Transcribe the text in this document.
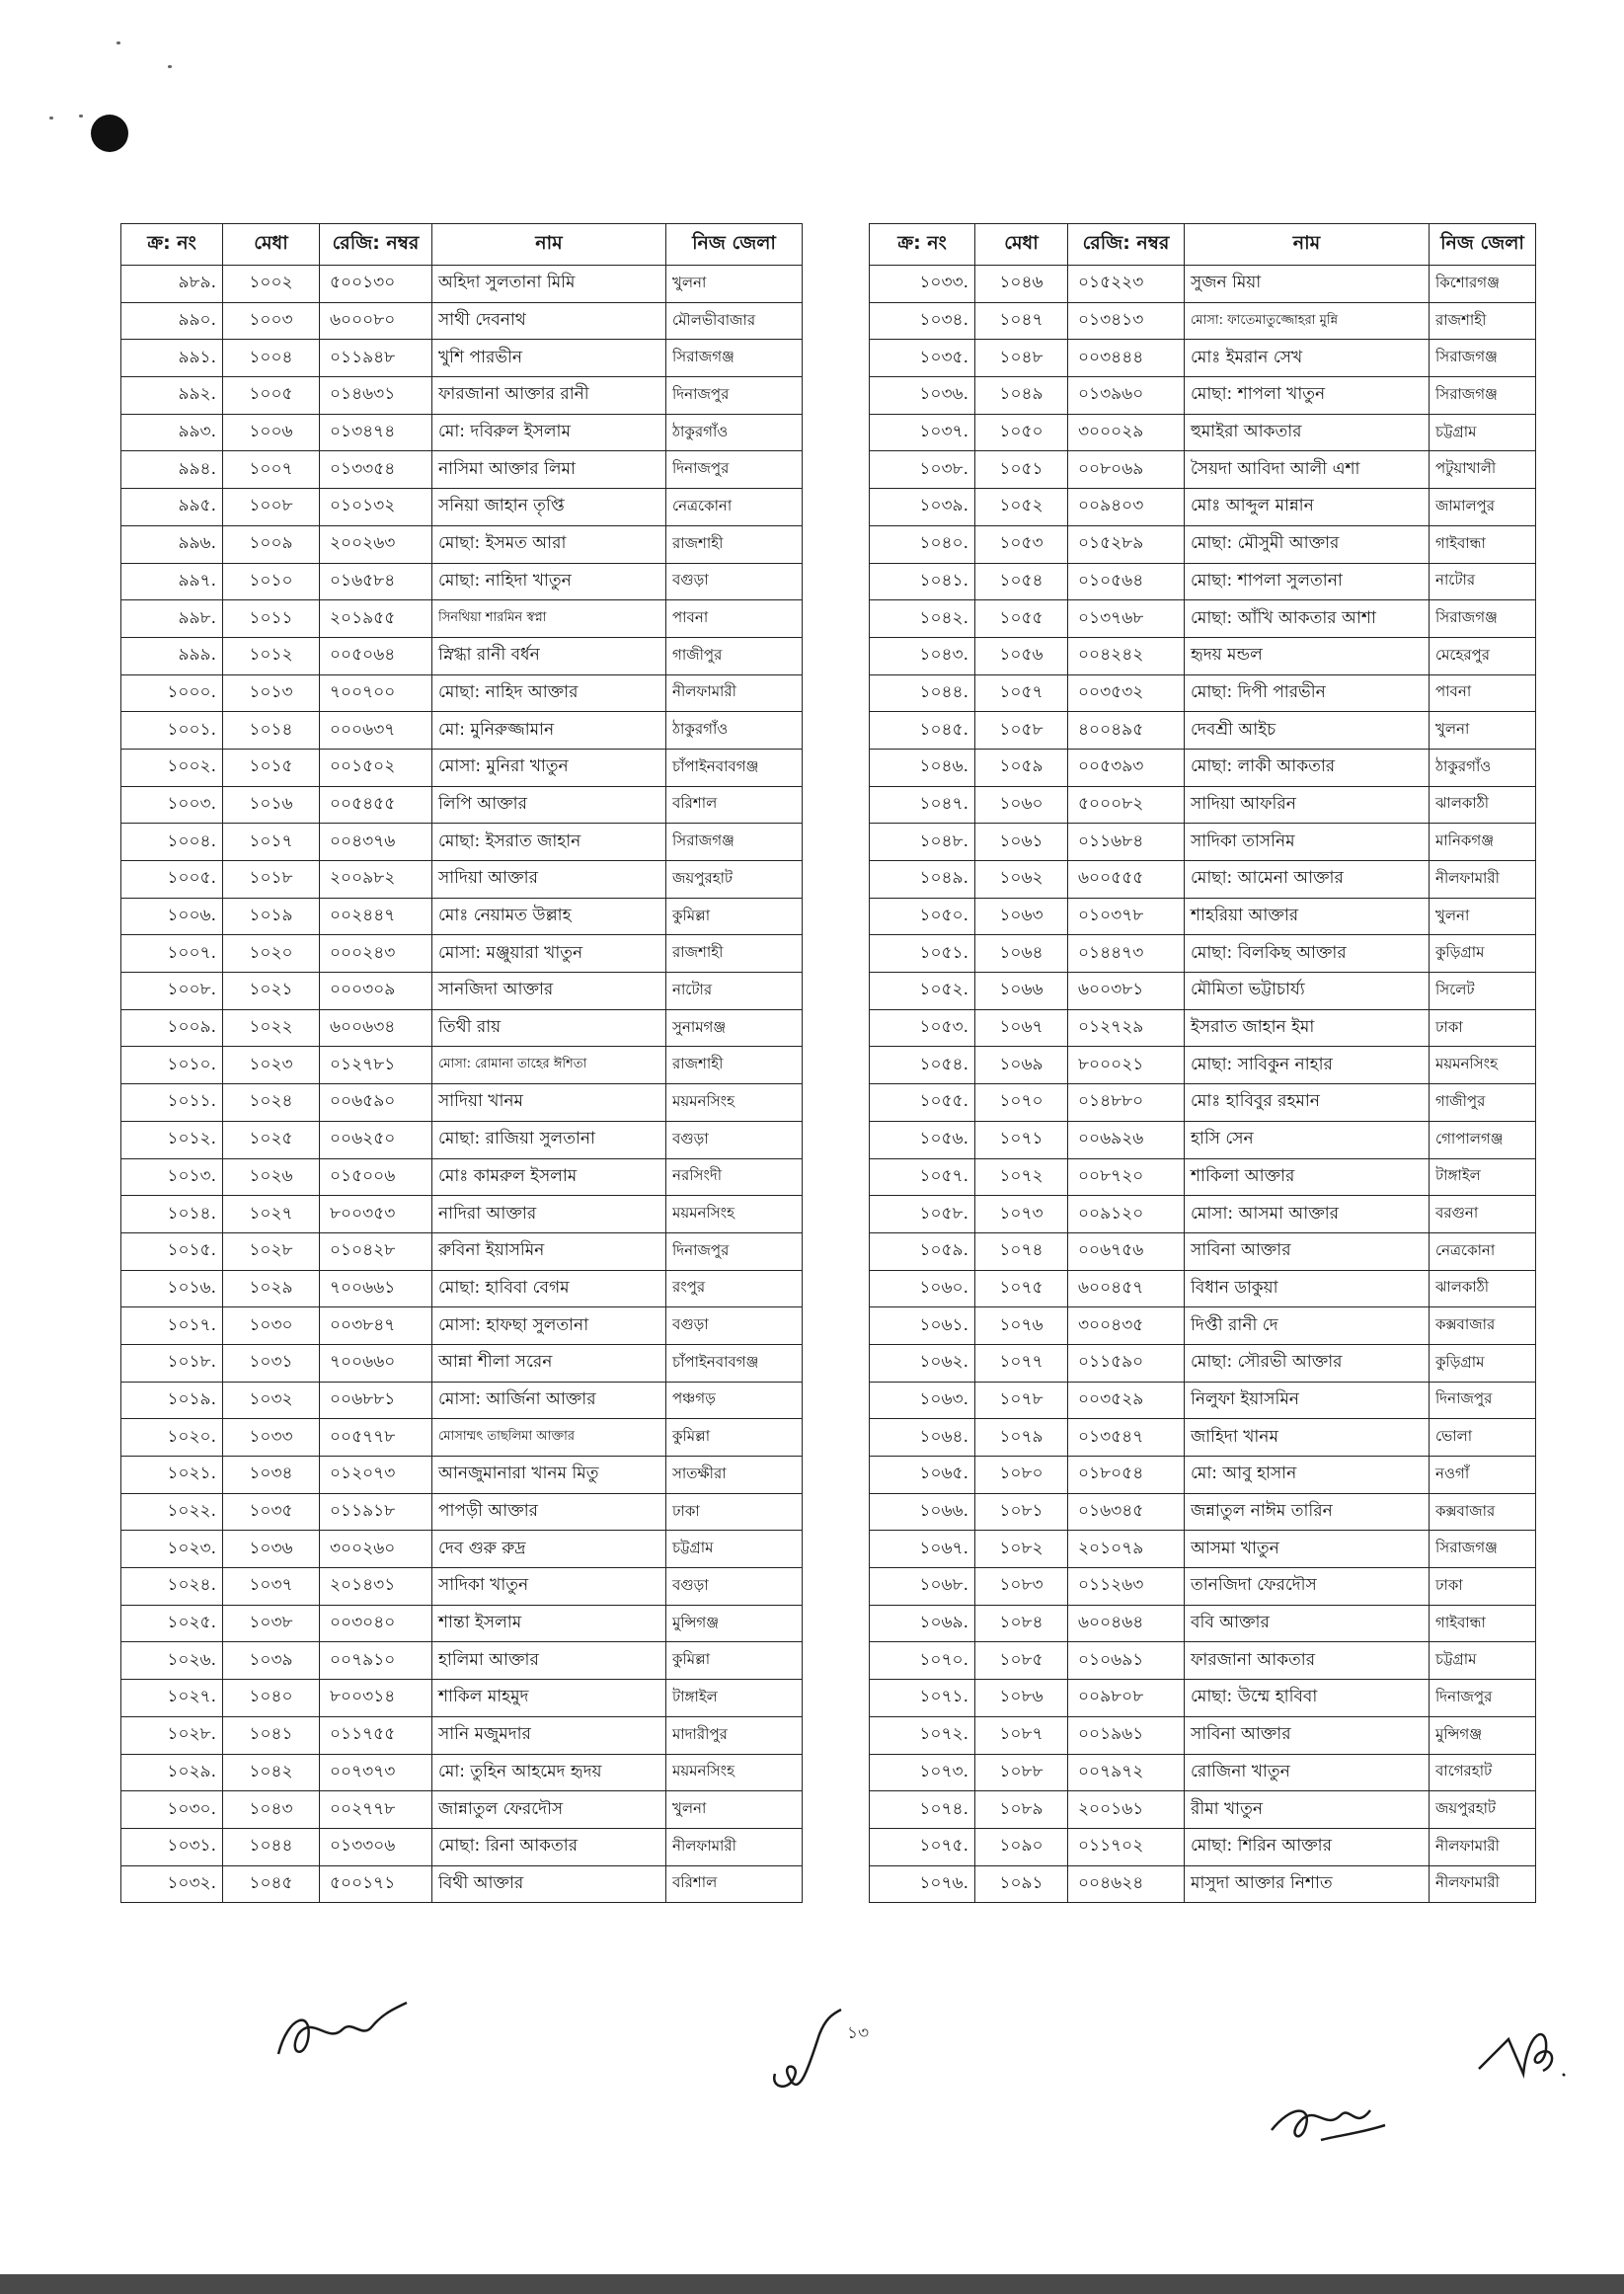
ক্র: নং	মেধা	রেজি: নম্বর	নাম	নিজ জেলা
৯৮৯.	১০০২	৫০০১৩০	অহিদা সুলতানা মিমি	খুলনা
৯৯০.	১০০৩	৬০০০৮০	সাথী দেবনাথ	মৌলভীবাজার
৯৯১.	১০০৪	০১১৯৪৮	খুশি পারভীন	সিরাজগঞ্জ
৯৯২.	১০০৫	০১৪৬৩১	ফারজানা আক্তার রানী	দিনাজপুর
৯৯৩.	১০০৬	০১৩৪৭৪	মো: দবিরুল ইসলাম	ঠাকুরগাঁও
৯৯৪.	১০০৭	০১৩৩৫৪	নাসিমা আক্তার লিমা	দিনাজপুর
৯৯৫.	১০০৮	০১০১৩২	সনিয়া জাহান তৃপ্তি	নেত্রকোনা
৯৯৬.	১০০৯	২০০২৬৩	মোছা: ইসমত আরা	রাজশাহী
৯৯৭.	১০১০	০১৬৫৮৪	মোছা: নাহিদা খাতুন	বগুড়া
৯৯৮.	১০১১	২০১৯৫৫	সিনথিয়া শারমিন স্বপ্না	পাবনা
৯৯৯.	১০১২	০০৫০৬৪	স্নিগ্ধা রানী বর্ধন	গাজীপুর
১০০০.	১০১৩	৭০০৭০০	মোছা: নাহিদ আক্তার	নীলফামারী
১০০১.	১০১৪	০০০৬৩৭	মো: মুনিরুজ্জামান	ঠাকুরগাঁও
১০০২.	১০১৫	০০১৫০২	মোসা: মুনিরা খাতুন	চাঁপাইনবাবগঞ্জ
১০০৩.	১০১৬	০০৫৪৫৫	লিপি আক্তার	বরিশাল
১০০৪.	১০১৭	০০৪৩৭৬	মোছা: ইসরাত জাহান	সিরাজগঞ্জ
১০০৫.	১০১৮	২০০৯৮২	সাদিয়া আক্তার	জয়পুরহাট
১০০৬.	১০১৯	০০২৪৪৭	মোঃ নেয়ামত উল্লাহ	কুমিল্লা
১০০৭.	১০২০	০০০২৪৩	মোসা: মঞ্জুয়ারা খাতুন	রাজশাহী
১০০৮.	১০২১	০০০৩০৯	সানজিদা আক্তার	নাটোর
১০০৯.	১০২২	৬০০৬৩৪	তিথী রায়	সুনামগঞ্জ
১০১০.	১০২৩	০১২৭৮১	মোসা: রোমানা তাহের ঈশিতা	রাজশাহী
১০১১.	১০২৪	০০৬৫৯০	সাদিয়া খানম	ময়মনসিংহ
১০১২.	১০২৫	০০৬২৫০	মোছা: রাজিয়া সুলতানা	বগুড়া
১০১৩.	১০২৬	০১৫০০৬	মোঃ কামরুল ইসলাম	নরসিংদী
১০১৪.	১০২৭	৮০০৩৫৩	নাদিরা আক্তার	ময়মনসিংহ
১০১৫.	১০২৮	০১০৪২৮	রুবিনা ইয়াসমিন	দিনাজপুর
১০১৬.	১০২৯	৭০০৬৬১	মোছা: হাবিবা বেগম	রংপুর
১০১৭.	১০৩০	০০৩৮৪৭	মোসা: হাফছা সুলতানা	বগুড়া
১০১৮.	১০৩১	৭০০৬৬০	আন্না শীলা সরেন	চাঁপাইনবাবগঞ্জ
১০১৯.	১০৩২	০০৬৮৮১	মোসা: আর্জিনা আক্তার	পঞ্চগড়
১০২০.	১০৩৩	০০৫৭৭৮	মোসাম্মৎ তাছলিমা আক্তার	কুমিল্লা
১০২১.	১০৩৪	০১২০৭৩	আনজুমানারা খানম মিতু	সাতক্ষীরা
১০২২.	১০৩৫	০১১৯১৮	পাপড়ী আক্তার	ঢাকা
১০২৩.	১০৩৬	৩০০২৬০	দেব গুরু রুদ্র	চট্টগ্রাম
১০২৪.	১০৩৭	২০১৪৩১	সাদিকা খাতুন	বগুড়া
১০২৫.	১০৩৮	০০৩০৪০	শান্তা ইসলাম	মুন্সিগঞ্জ
১০২৬.	১০৩৯	০০৭৯১০	হালিমা আক্তার	কুমিল্লা
১০২৭.	১০৪০	৮০০৩১৪	শাকিল মাহমুদ	টাঙ্গাইল
১০২৮.	১০৪১	০১১৭৫৫	সানি মজুমদার	মাদারীপুর
১০২৯.	১০৪২	০০৭৩৭৩	মো: তুহিন আহমেদ হৃদয়	ময়মনসিংহ
১০৩০.	১০৪৩	০০২৭৭৮	জান্নাতুল ফেরদৌস	খুলনা
১০৩১.	১০৪৪	০১৩৩০৬	মোছা: রিনা আকতার	নীলফামারী
১০৩২.	১০৪৫	৫০০১৭১	বিথী আক্তার	বরিশাল
ক্র: নং	মেধা	রেজি: নম্বর	নাম	নিজ জেলা
১০৩৩.	১০৪৬	০১৫২২৩	সুজন মিয়া	কিশোরগঞ্জ
১০৩৪.	১০৪৭	০১৩৪১৩	মোসা: ফাতেমাতুজ্জোহরা মুন্নি	রাজশাহী
১০৩৫.	১০৪৮	০০৩৪৪৪	মোঃ ইমরান সেখ	সিরাজগঞ্জ
১০৩৬.	১০৪৯	০১৩৯৬০	মোছা: শাপলা খাতুন	সিরাজগঞ্জ
১০৩৭.	১০৫০	৩০০০২৯	হুমাইরা আকতার	চট্টগ্রাম
১০৩৮.	১০৫১	০০৮০৬৯	সৈয়দা আবিদা আলী এশা	পটুয়াখালী
১০৩৯.	১০৫২	০০৯৪০৩	মোঃ আব্দুল মান্নান	জামালপুর
১০৪০.	১০৫৩	০১৫২৮৯	মোছা: মৌসুমী আক্তার	গাইবান্ধা
১০৪১.	১০৫৪	০১০৫৬৪	মোছা: শাপলা সুলতানা	নাটোর
১০৪২.	১০৫৫	০১৩৭৬৮	মোছা: আঁখি আকতার আশা	সিরাজগঞ্জ
১০৪৩.	১০৫৬	০০৪২৪২	হৃদয় মন্ডল	মেহেরপুর
১০৪৪.	১০৫৭	০০৩৫৩২	মোছা: দিপী পারভীন	পাবনা
১০৪৫.	১০৫৮	৪০০৪৯৫	দেবশ্রী আইচ	খুলনা
১০৪৬.	১০৫৯	০০৫৩৯৩	মোছা: লাকী আকতার	ঠাকুরগাঁও
১০৪৭.	১০৬০	৫০০০৮২	সাদিয়া আফরিন	ঝালকাঠী
১০৪৮.	১০৬১	০১১৬৮৪	সাদিকা তাসনিম	মানিকগঞ্জ
১০৪৯.	১০৬২	৬০০৫৫৫	মোছা: আমেনা আক্তার	নীলফামারী
১০৫০.	১০৬৩	০১০৩৭৮	শাহরিয়া আক্তার	খুলনা
১০৫১.	১০৬৪	০১৪৪৭৩	মোছা: বিলকিছ আক্তার	কুড়িগ্রাম
১০৫২.	১০৬৬	৬০০৩৮১	মৌমিতা ভট্টাচার্য্য	সিলেট
১০৫৩.	১০৬৭	০১২৭২৯	ইসরাত জাহান ইমা	ঢাকা
১০৫৪.	১০৬৯	৮০০০২১	মোছা: সাবিকুন নাহার	ময়মনসিংহ
১০৫৫.	১০৭০	০১৪৮৮০	মোঃ হাবিবুর রহমান	গাজীপুর
১০৫৬.	১০৭১	০০৬৯২৬	হাসি সেন	গোপালগঞ্জ
১০৫৭.	১০৭২	০০৮৭২০	শাকিলা আক্তার	টাঙ্গাইল
১০৫৮.	১০৭৩	০০৯১২০	মোসা: আসমা আক্তার	বরগুনা
১০৫৯.	১০৭৪	০০৬৭৫৬	সাবিনা আক্তার	নেত্রকোনা
১০৬০.	১০৭৫	৬০০৪৫৭	বিধান ডাকুয়া	ঝালকাঠী
১০৬১.	১০৭৬	৩০০৪৩৫	দিপ্তী রানী দে	কক্সবাজার
১০৬২.	১০৭৭	০১১৫৯০	মোছা: সৌরভী আক্তার	কুড়িগ্রাম
১০৬৩.	১০৭৮	০০৩৫২৯	নিলুফা ইয়াসমিন	দিনাজপুর
১০৬৪.	১০৭৯	০১৩৫৪৭	জাহিদা খানম	ভোলা
১০৬৫.	১০৮০	০১৮০৫৪	মো: আবু হাসান	নওগাঁ
১০৬৬.	১০৮১	০১৬৩৪৫	জন্নাতুল নাঈম তারিন	কক্সবাজার
১০৬৭.	১০৮২	২০১০৭৯	আসমা খাতুন	সিরাজগঞ্জ
১০৬৮.	১০৮৩	০১১২৬৩	তানজিদা ফেরদৌস	ঢাকা
১০৬৯.	১০৮৪	৬০০৪৬৪	ববি আক্তার	গাইবান্ধা
১০৭০.	১০৮৫	০১০৬৯১	ফারজানা আকতার	চট্টগ্রাম
১০৭১.	১০৮৬	০০৯৮০৮	মোছা: উম্মে হাবিবা	দিনাজপুর
১০৭২.	১০৮৭	০০১৯৬১	সাবিনা আক্তার	মুন্সিগঞ্জ
১০৭৩.	১০৮৮	০০৭৯৭২	রোজিনা খাতুন	বাগেরহাট
১০৭৪.	১০৮৯	২০০১৬১	রীমা খাতুন	জয়পুরহাট
১০৭৫.	১০৯০	০১১৭০২	মোছা: শিরিন আক্তার	নীলফামারী
১০৭৬.	১০৯১	০০৪৬২৪	মাসুদা আক্তার নিশাত	নীলফামারী
১৩
